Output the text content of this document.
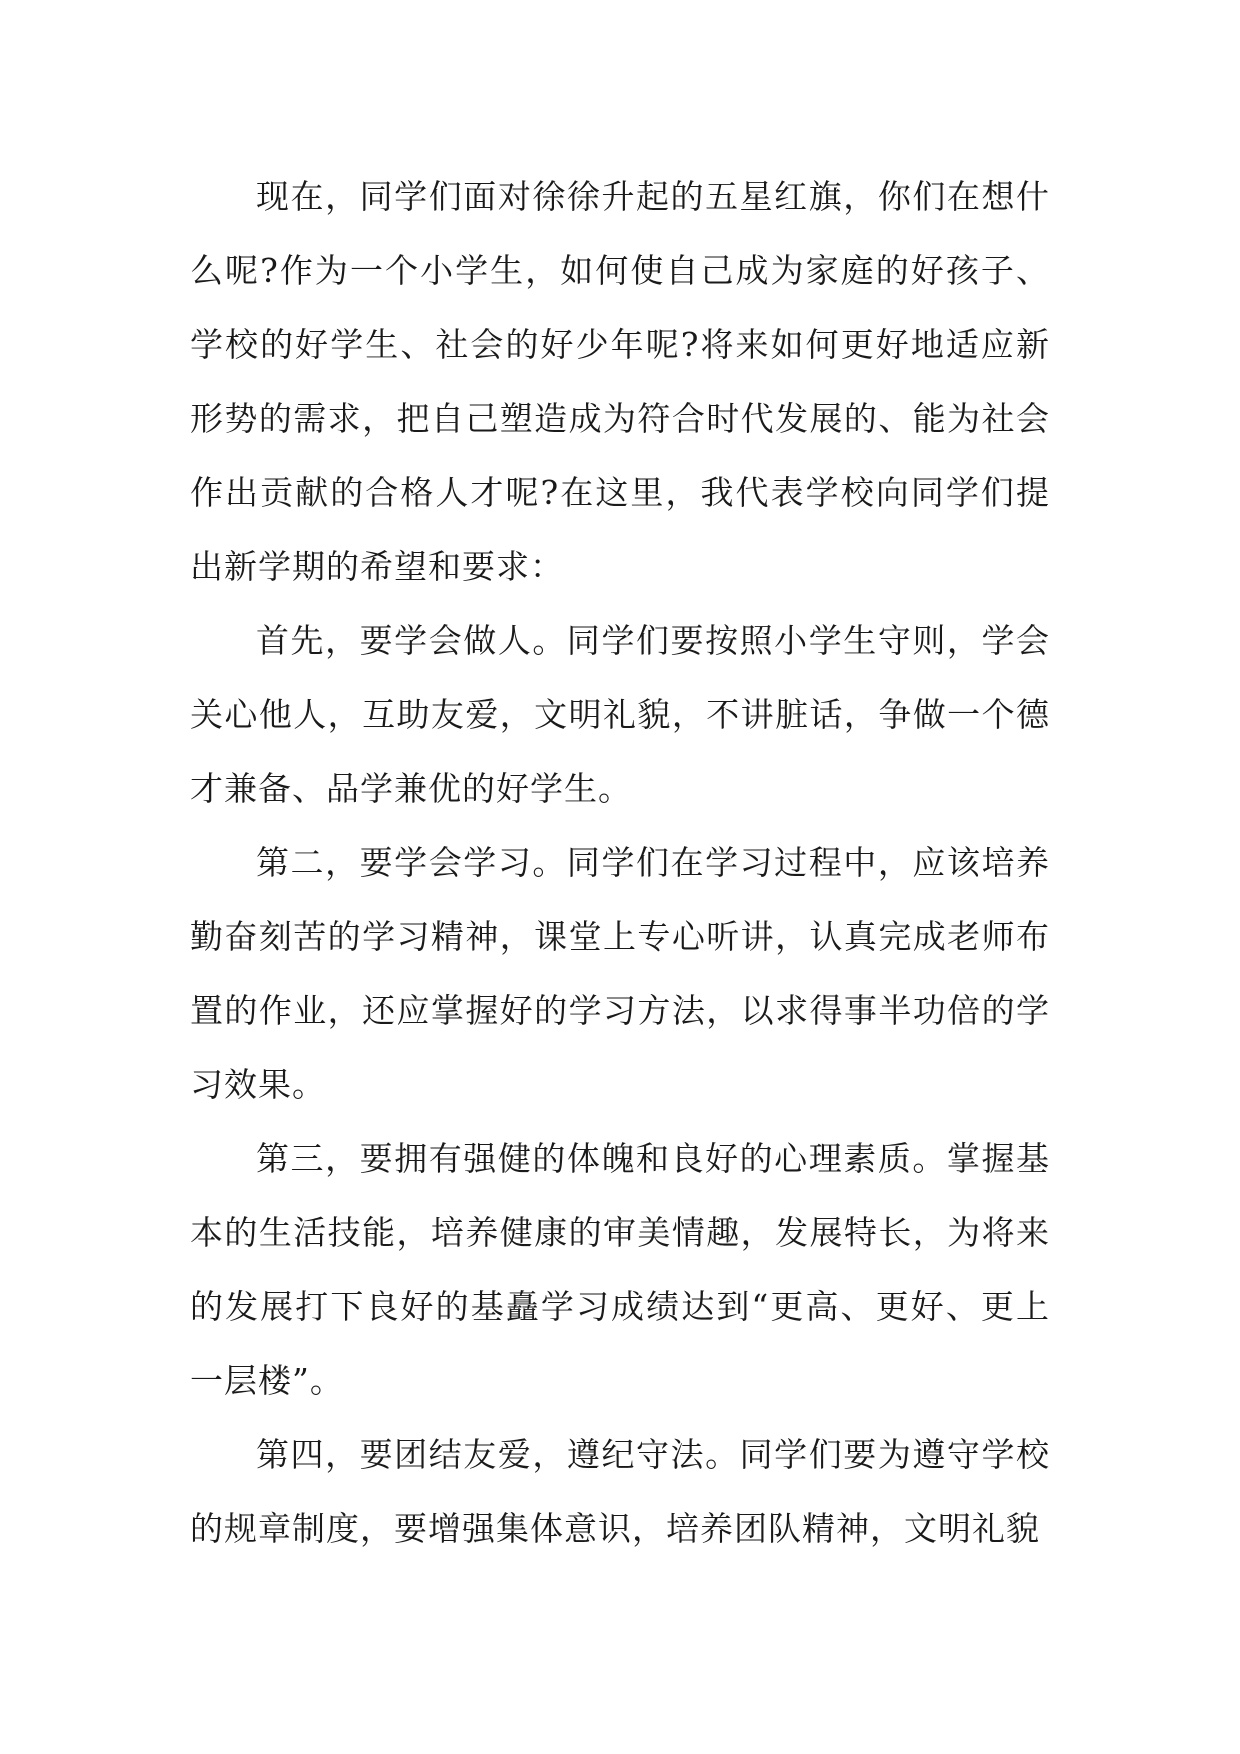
现在，同学们面对徐徐升起的五星红旗，你们在想什么呢?作为一个小学生，如何使自己成为家庭的好孩子、学校的好学生、社会的好少年呢?将来如何更好地适应新形势的需求，把自己塑造成为符合时代发展的、能为社会作出贡献的合格人才呢?在这里，我代表学校向同学们提出新学期的希望和要求：

首先，要学会做人。同学们要按照小学生守则，学会关心他人，互助友爱，文明礼貌，不讲脏话，争做一个德才兼备、品学兼优的好学生。

第二，要学会学习。同学们在学习过程中，应该培养勤奋刻苦的学习精神，课堂上专心听讲，认真完成老师布置的作业，还应掌握好的学习方法，以求得事半功倍的学习效果。

第三，要拥有强健的体魄和良好的心理素质。掌握基本的生活技能，培养健康的审美情趣，发展特长，为将来的发展打下良好的基矗学习成绩达到“更高、更好、更上一层楼”。

第四，要团结友爱，遵纪守法。同学们要为遵守学校的规章制度，要增强集体意识，培养团队精神，文明礼貌
